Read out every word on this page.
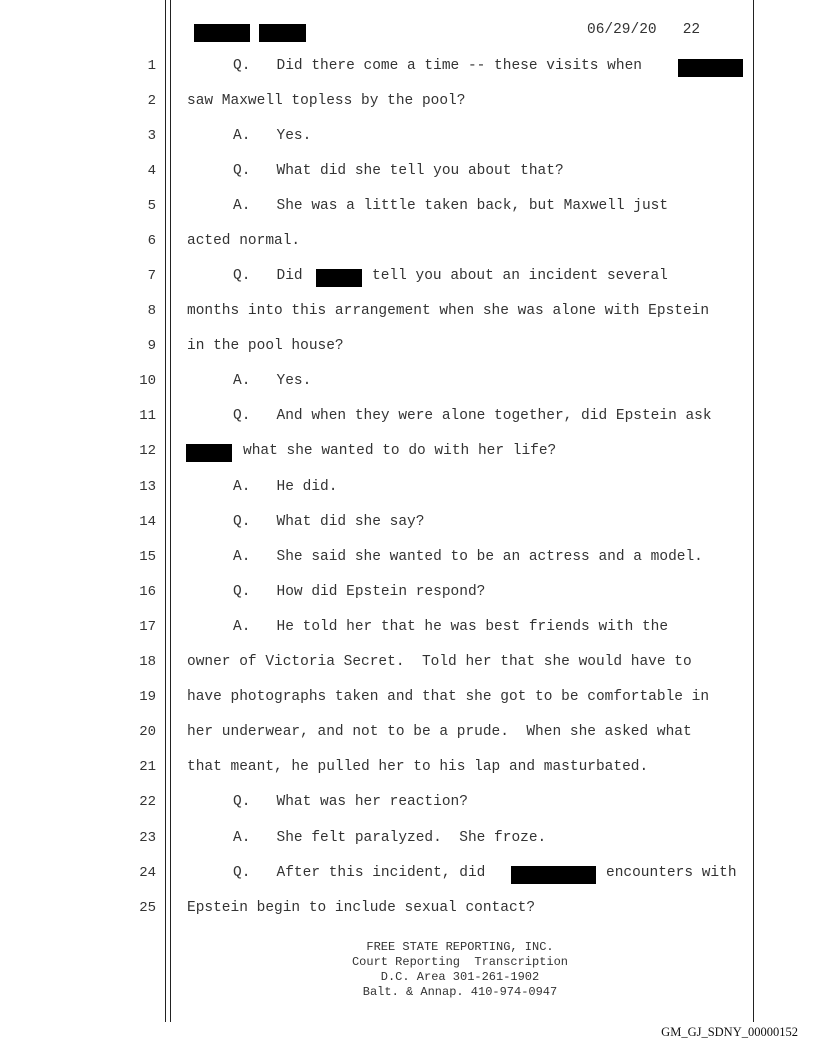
06/29/20   22
1
2
3
4
5
6
7
8
9
10
11
12
13
14
15
16
17
18
19
20
21
22
23
24
25
Q.   Did there come a time -- these visits when
saw Maxwell topless by the pool?
A.   Yes.
Q.   What did she tell you about that?
A.   She was a little taken back, but Maxwell just
acted normal.
Q.   Did	tell you about an incident several
months into this arrangement when she was alone with Epstein
in the pool house?
A.   Yes.
Q.   And when they were alone together, did Epstein ask
what she wanted to do with her life?
A.   He did.
Q.   What did she say?
A.   She said she wanted to be an actress and a model.
Q.   How did Epstein respond?
A.   He told her that he was best friends with the
owner of Victoria Secret.  Told her that she would have to
have photographs taken and that she got to be comfortable in
her underwear, and not to be a prude.  When she asked what
that meant, he pulled her to his lap and masturbated.
Q.   What was her reaction?
A.   She felt paralyzed.  She froze.
Q.   After this incident, did	encounters with
Epstein begin to include sexual contact?
FREE STATE REPORTING, INC.
Court Reporting  Transcription
D.C. Area 301-261-1902
Balt. & Annap. 410-974-0947
GM_GJ_SDNY_00000152
